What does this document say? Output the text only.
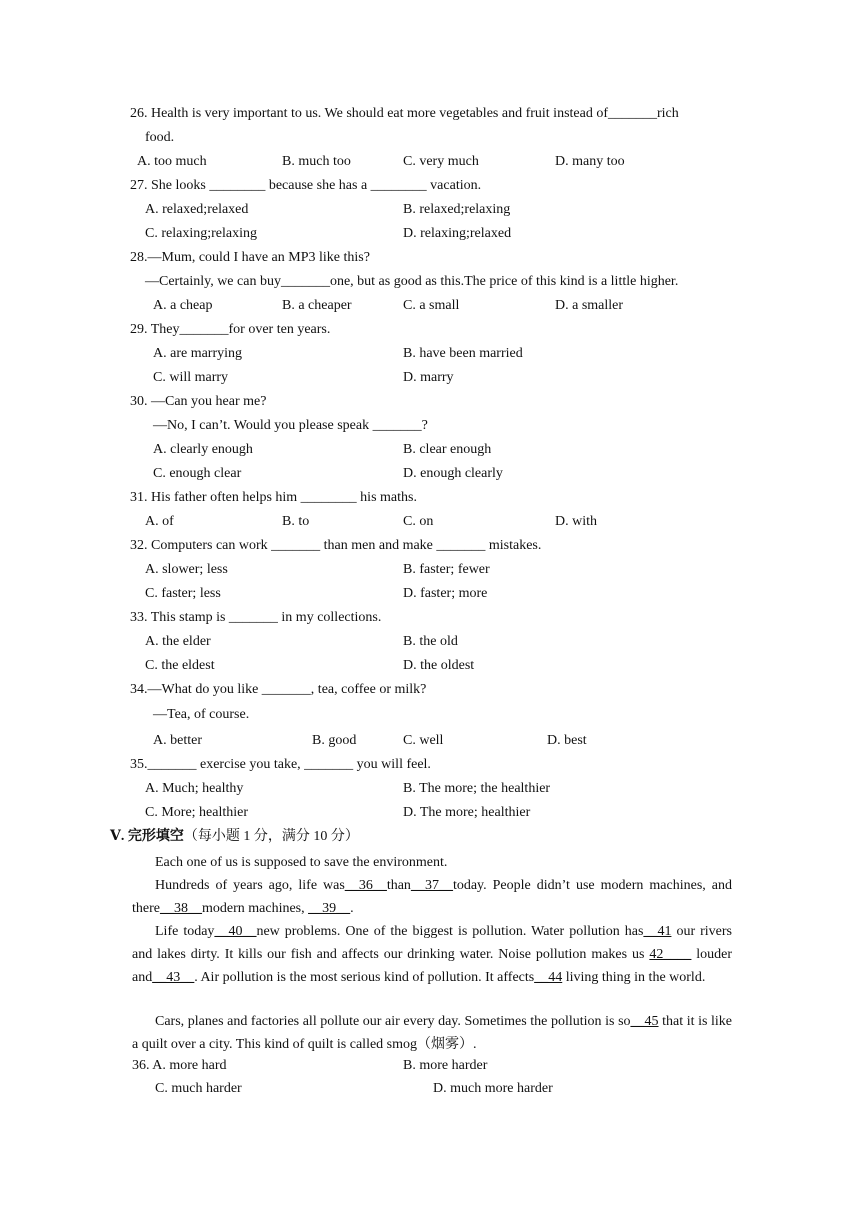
26. Health is very important to us. We should eat more vegetables and fruit instead of_______rich
food.
A. too much	B. much too	C. very much	D. many too
27. She looks ________ because she has a ________ vacation.
A. relaxed;relaxed	B. relaxed;relaxing
C. relaxing;relaxing	D. relaxing;relaxed
28.—Mum, could I have an MP3 like this?
—Certainly, we can buy_______one, but as good as this.The price of this kind is a little higher.
A. a cheap	B. a cheaper	C. a small	D. a smaller
29. They_______for over ten years.
A. are marrying	B. have been married
C. will marry	D. marry
30. —Can you hear me?
—No, I can’t. Would you please speak _______?
A. clearly enough	B. clear enough
C. enough clear	D. enough clearly
31. His father often helps him ________ his maths.
A. of	B. to	C. on	D. with
32. Computers can work _______ than men and make _______ mistakes.
A. slower; less	B. faster; fewer
C. faster; less	D. faster; more
33. This stamp is _______ in my collections.
A. the elder	B. the old
C. the eldest	D. the oldest
34.—What do you like _______, tea, coffee or milk?
—Tea, of course.
A. better	B. good	C. well	D. best
35._______ exercise you take, _______ you will feel.
A. Much; healthy	B. The more; the healthier
C. More; healthier	D. The more; healthier
Ⅴ. 完形填空（每小题 1 分，满分 10 分）
Each one of us is supposed to save the environment.
Hundreds of years ago, life was__36__than__37__today. People didn’t use modern machines, and there__38__modern machines, __39__.
Life today__40__new problems. One of the biggest is pollution. Water pollution has__41 our rivers and lakes dirty. It kills our fish and affects our drinking water. Noise pollution makes us 42____ louder and__43__. Air pollution is the most serious kind of pollution. It affects__44 living thing in the world.
Cars, planes and factories all pollute our air every day. Sometimes the pollution is so__45 that it is like a quilt over a city. This kind of quilt is called smog（烟雾）.
36. A. more hard	B. more harder
C. much harder	D. much more harder
